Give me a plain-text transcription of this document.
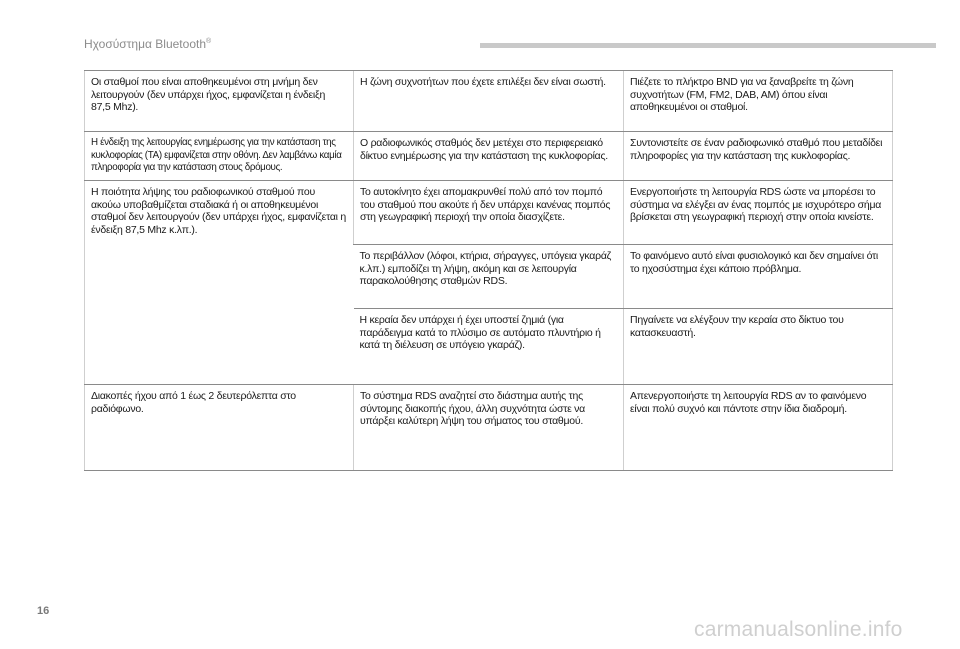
Ηχοσύστημα Bluetooth®
Οι σταθμοί που είναι αποθηκευμένοι στη μνήμη δεν λειτουργούν (δεν υπάρχει ήχος, εμφανίζεται η ένδειξη 87,5 Mhz).	Η ζώνη συχνοτήτων που έχετε επιλέξει δεν είναι σωστή.	Πιέζετε το πλήκτρο BND για να ξαναβρείτε τη ζώνη συχνοτήτων (FM, FM2, DAB, AM) όπου είναι αποθηκευμένοι οι σταθμοί.
Η ένδειξη της λειτουργίας ενημέρωσης για την κατάσταση της κυκλοφορίας (TA) εμφανίζεται στην οθόνη. Δεν λαμβάνω καμία πληροφορία για την κατάσταση στους δρόμους.	Ο ραδιοφωνικός σταθμός δεν μετέχει στο περιφερειακό δίκτυο ενημέρωσης για την κατάσταση της κυκλοφορίας.	Συντονιστείτε σε έναν ραδιοφωνικό σταθμό που μεταδίδει πληροφορίες για την κατάσταση της κυκλοφορίας.
Η ποιότητα λήψης του ραδιοφωνικού σταθμού που ακούω υποβαθμίζεται σταδιακά ή οι αποθηκευμένοι σταθμοί δεν λειτουργούν (δεν υπάρχει ήχος, εμφανίζεται η ένδειξη 87,5 Mhz κ.λπ.).	Το αυτοκίνητο έχει απομακρυνθεί πολύ από τον πομπό του σταθμού που ακούτε ή δεν υπάρχει κανένας πομπός στη γεωγραφική περιοχή την οποία διασχίζετε.	Ενεργοποιήστε τη λειτουργία RDS ώστε να μπορέσει το σύστημα να ελέγξει αν ένας πομπός με ισχυρότερο σήμα βρίσκεται στη γεωγραφική περιοχή στην οποία κινείστε.
	Το περιβάλλον (λόφοι, κτήρια, σήραγγες, υπόγεια γκαράζ κ.λπ.) εμποδίζει τη λήψη, ακόμη και σε λειτουργία παρακολούθησης σταθμών RDS.	Το φαινόμενο αυτό είναι φυσιολογικό και δεν σημαίνει ότι το ηχοσύστημα έχει κάποιο πρόβλημα.
	Η κεραία δεν υπάρχει ή έχει υποστεί ζημιά (για παράδειγμα κατά το πλύσιμο σε αυτόματο πλυντήριο ή κατά τη διέλευση σε υπόγειο γκαράζ).	Πηγαίνετε να ελέγξουν την κεραία στο δίκτυο του κατασκευαστή.
Διακοπές ήχου από 1 έως 2 δευτερόλεπτα στο ραδιόφωνο.	Το σύστημα RDS αναζητεί στο διάστημα αυτής της σύντομης διακοπής ήχου, άλλη συχνότητα ώστε να υπάρξει καλύτερη λήψη του σήματος του σταθμού.	Απενεργοποιήστε τη λειτουργία RDS αν το φαινόμενο είναι πολύ συχνό και πάντοτε στην ίδια διαδρομή.
16
carmanualsonline.info
